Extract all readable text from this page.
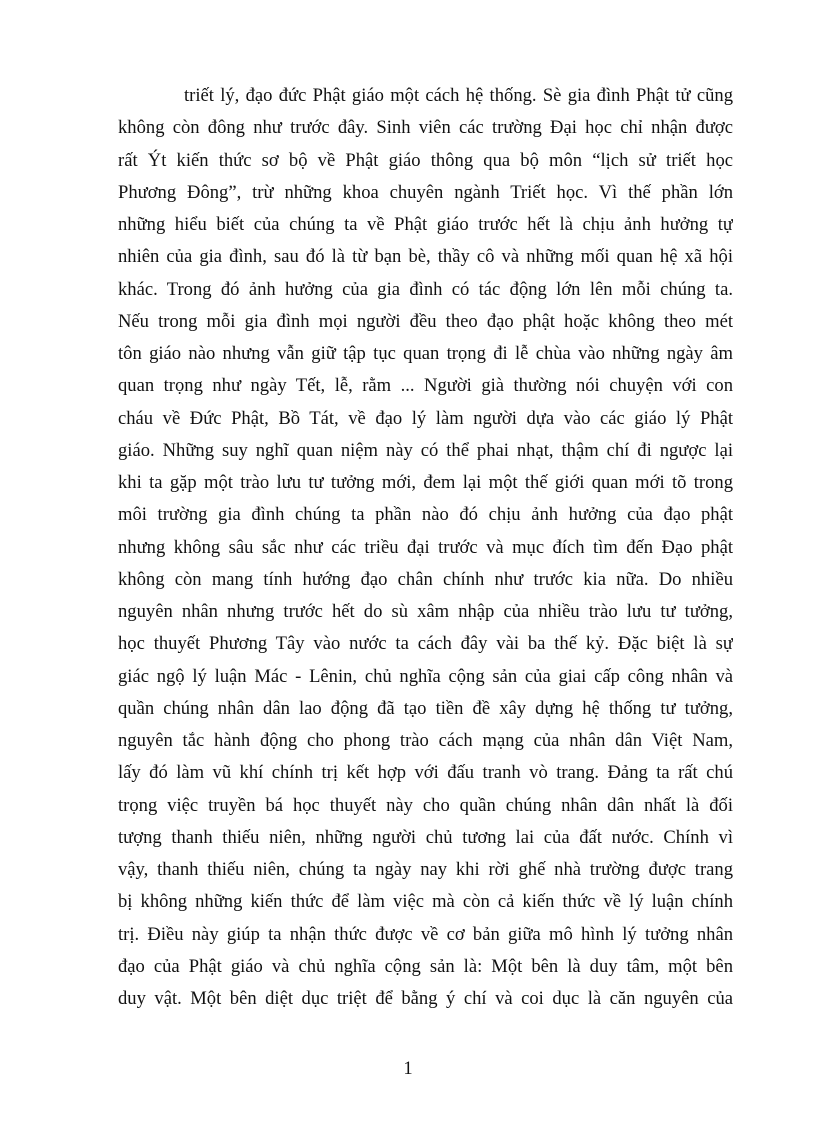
triết lý, đạo đức Phật giáo một cách hệ thống. Sè gia đình Phật tử cũng
không còn đông như trước đây. Sinh viên các trường Đại học chỉ nhận được
rất Ýt kiến thức sơ bộ về Phật giáo thông qua bộ môn “lịch sử triết học
Phương Đông”, trừ những khoa chuyên ngành Triết học. Vì thế phần lớn
những hiểu biết của chúng ta về Phật giáo trước hết là chịu ảnh hưởng tự
nhiên của gia đình, sau đó là từ bạn bè, thầy cô và những mối quan hệ xã hội
khác. Trong đó ảnh hưởng của gia đình có tác động lớn lên mỗi chúng ta.
Nếu trong mỗi gia đình mọi người đều theo đạo phật hoặc không theo mét
tôn giáo nào nhưng vẫn giữ tập tục quan trọng đi lễ chùa vào những ngày âm
quan trọng như ngày Tết, lễ, rằm ... Người già thường nói chuyện với con
cháu về Đức Phật, Bồ Tát, về đạo lý làm người dựa vào các giáo lý Phật
giáo. Những suy nghĩ quan niệm này có thể phai nhạt, thậm chí đi ngược lại
khi ta gặp một trào lưu tư tưởng mới, đem lại một thế giới quan mới tõ trong
môi trường gia đình chúng ta phần nào đó chịu ảnh hưởng của đạo phật
nhưng không sâu sắc như các triều đại trước và mục đích tìm đến Đạo phật
không còn mang tính hướng đạo chân chính như trước kia nữa. Do nhiều
nguyên nhân nhưng trước hết do sù xâm nhập của nhiều trào lưu tư tưởng,
học thuyết Phương Tây vào nước ta cách đây vài ba thế kỷ. Đặc biệt là sự
giác ngộ lý luận Mác - Lênin, chủ nghĩa cộng sản của giai cấp công nhân và
quần chúng nhân dân lao động đã tạo tiền đề xây dựng hệ thống tư tưởng,
nguyên tắc hành động cho phong trào cách mạng của nhân dân Việt Nam,
lấy đó làm vũ khí chính trị kết hợp với đấu tranh vò trang. Đảng ta rất chú
trọng việc truyền bá học thuyết này cho quần chúng nhân dân nhất là đối
tượng thanh thiếu niên, những người chủ tương lai của đất nước. Chính vì
vậy, thanh thiếu niên, chúng ta ngày nay khi rời ghế nhà trường được trang
bị không những kiến thức để làm việc mà còn cả kiến thức về lý luận chính
trị. Điều này giúp ta nhận thức được về cơ bản giữa mô hình lý tưởng nhân
đạo của Phật giáo và chủ nghĩa cộng sản là: Một bên là duy tâm, một bên
duy vật. Một bên diệt dục triệt để bằng ý chí và coi dục là căn nguyên của
1
